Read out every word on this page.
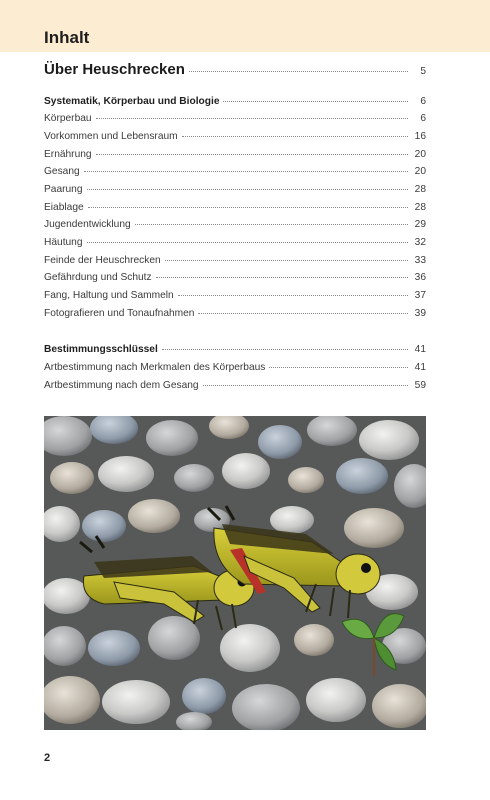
Inhalt
Über Heuschrecken	5
Systematik, Körperbau und Biologie	6
Körperbau	6
Vorkommen und Lebensraum	16
Ernährung	20
Gesang	20
Paarung	28
Eiablage	28
Jugendentwicklung	29
Häutung	32
Feinde der Heuschrecken	33
Gefährdung und Schutz	36
Fang, Haltung und Sammeln	37
Fotografieren und Tonaufnahmen	39
Bestimmungsschlüssel	41
Artbestimmung nach Merkmalen des Körperbaus	41
Artbestimmung nach dem Gesang	59
2
